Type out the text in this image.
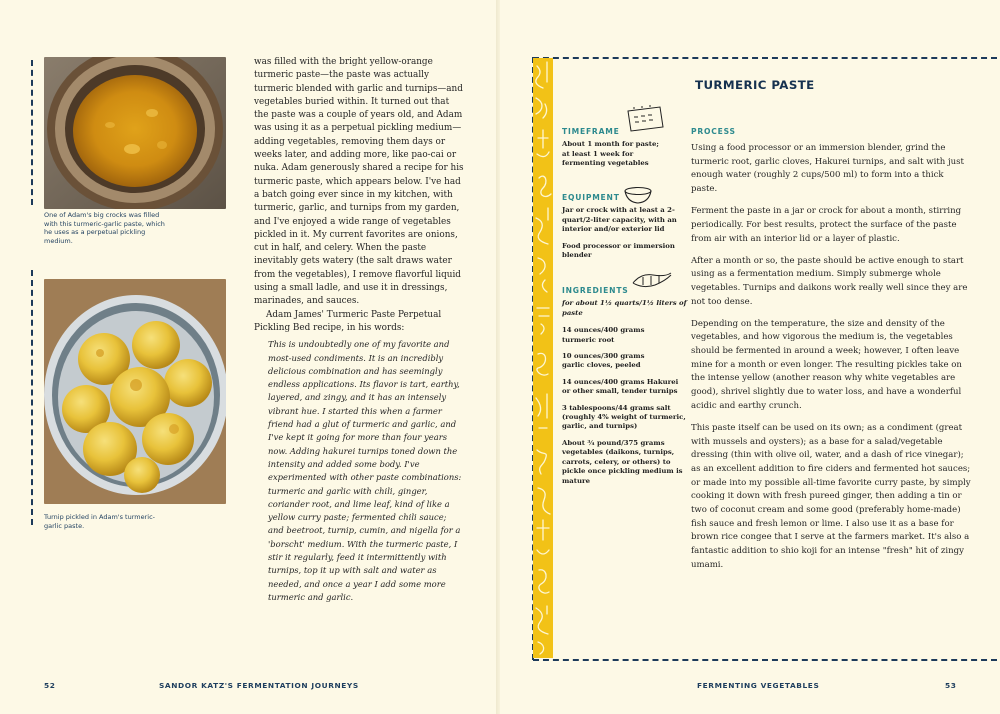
One of Adam's big crocks was filled with this turmeric-garlic paste, which he uses as a perpetual pickling medium.
Turnip pickled in Adam's turmeric-garlic paste.

was filled with the bright yellow-orange turmeric paste—the paste was actually turmeric blended with garlic and turnips—and vegetables buried within. It turned out that the paste was a couple of years old, and Adam was using it as a perpetual pickling medium—adding vegetables, removing them days or weeks later, and adding more, like pao-cai or nuka. Adam generously shared a recipe for his turmeric paste, which appears below. I've had a batch going ever since in my kitchen, with turmeric, garlic, and turnips from my garden, and I've enjoyed a wide range of vegetables pickled in it. My current favorites are onions, cut in half, and celery. When the paste inevitably gets watery (the salt draws water from the vegetables), I remove flavorful liquid using a small ladle, and use it in dressings, marinades, and sauces.

Adam James' Turmeric Paste Perpetual Pickling Bed recipe, in his words:

This is undoubtedly one of my favorite and most-used condiments. It is an incredibly delicious combination and has seemingly endless applications. Its flavor is tart, earthy, layered, and zingy, and it has an intensely vibrant hue. I started this when a farmer friend had a glut of turmeric and garlic, and I've kept it going for more than four years now. Adding hakurei turnips toned down the intensity and added some body. I've experimented with other paste combinations: turmeric and garlic with chili, ginger, coriander root, and lime leaf, kind of like a yellow curry paste; fermented chili sauce; and beetroot, turnip, cumin, and nigella for a 'borscht' medium. With the turmeric paste, I stir it regularly, feed it intermittently with turnips, top it up with salt and water as needed, and once a year I add some more turmeric and garlic.

52	SANDOR KATZ'S FERMENTATION JOURNEYS
TURMERIC PASTE
TIMEFRAME

About 1 month for paste; at least 1 week for fermenting vegetables

EQUIPMENT

Jar or crock with at least a 2-quart/2-liter capacity, with an interior and/or exterior lid

Food processor or immersion blender

INGREDIENTS

for about 1½ quarts/1½ liters of paste

14 ounces/400 grams turmeric root

10 ounces/300 grams garlic cloves, peeled

14 ounces/400 grams Hakurei or other small, tender turnips

3 tablespoons/44 grams salt (roughly 4% weight of turmeric, garlic, and turnips)

About ¾ pound/375 grams vegetables (daikons, turnips, carrots, celery, or others) to pickle once pickling medium is mature

PROCESS

Using a food processor or an immersion blender, grind the turmeric root, garlic cloves, Hakurei turnips, and salt with just enough water (roughly 2 cups/500 ml) to form into a thick paste.

Ferment the paste in a jar or crock for about a month, stirring periodically. For best results, protect the surface of the paste from air with an interior lid or a layer of plastic.

After a month or so, the paste should be active enough to start using as a fermentation medium. Simply submerge whole vegetables. Turnips and daikons work really well since they are not too dense.

Depending on the temperature, the size and density of the vegetables, and how vigorous the medium is, the vegetables should be fermented in around a week; however, I often leave mine for a month or even longer. The resulting pickles take on the intense yellow (another reason why white vegetables are good), shrivel slightly due to water loss, and have a wonderful acidic and earthy crunch.

This paste itself can be used on its own; as a condiment (great with mussels and oysters); as a base for a salad/vegetable dressing (thin with olive oil, water, and a dash of rice vinegar); as an excellent addition to fire ciders and fermented hot sauces; or made into my possible all-time favorite curry paste, by simply cooking it down with fresh pureed ginger, then adding a tin or two of coconut cream and some good (preferably home-made) fish sauce and fresh lemon or lime. I also use it as a base for brown rice congee that I serve at the farmers market. It's also a fantastic addition to shio koji for an intense "fresh" hit of zingy umami.

FERMENTING VEGETABLES	53
